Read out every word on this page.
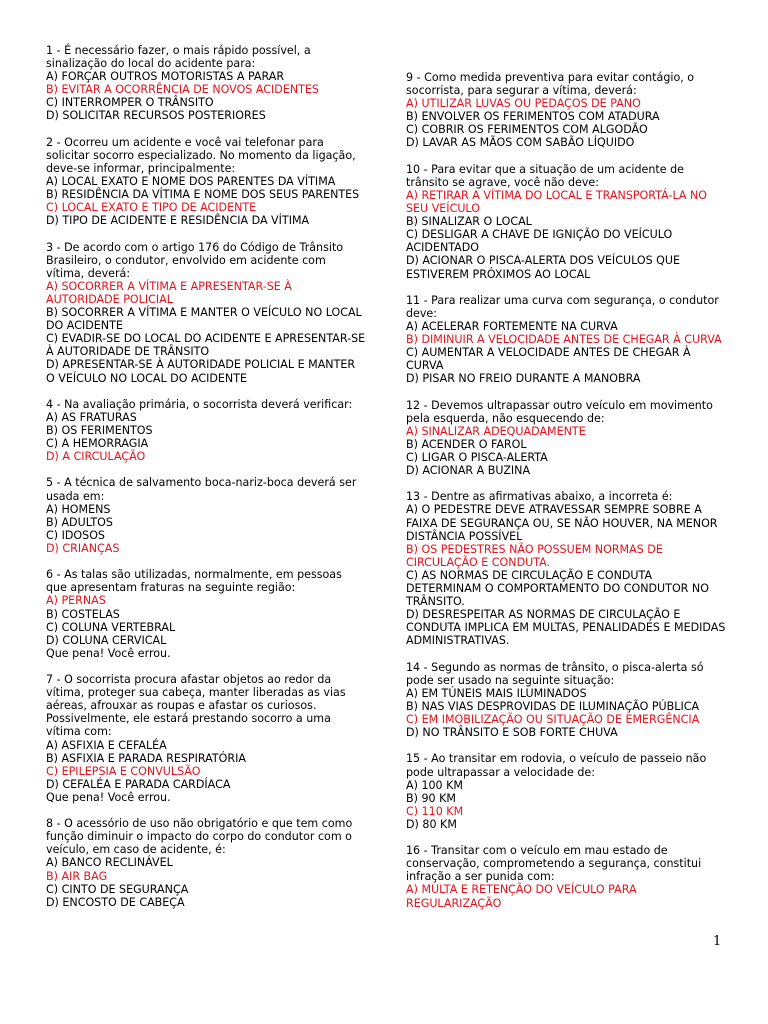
1 - É necessário fazer, o mais rápido possível, a sinalização do local do acidente para:
A) FORÇAR OUTROS MOTORISTAS A PARAR
B) EVITAR A OCORRÊNCIA DE NOVOS ACIDENTES
C) INTERROMPER O TRÂNSITO
D) SOLICITAR RECURSOS POSTERIORES
2 - Ocorreu um acidente e você vai telefonar para solicitar socorro especializado. No momento da ligação, deve-se informar, principalmente:
A) LOCAL EXATO E NOME DOS PARENTES DA VÍTIMA
B) RESIDÊNCIA DA VÍTIMA E NOME DOS SEUS PARENTES
C) LOCAL EXATO E TIPO DE ACIDENTE
D) TIPO DE ACIDENTE E RESIDÊNCIA DA VÍTIMA
3 - De acordo com o artigo 176 do Código de Trânsito Brasileiro, o condutor, envolvido em acidente com vítima, deverá:
A) SOCORRER A VÍTIMA E APRESENTAR-SE À AUTORIDADE POLICIAL
B) SOCORRER A VÍTIMA E MANTER O VEÍCULO NO LOCAL DO ACIDENTE
C) EVADIR-SE DO LOCAL DO ACIDENTE E APRESENTAR-SE À AUTORIDADE DE TRÂNSITO
D) APRESENTAR-SE À AUTORIDADE POLICIAL E MANTER O VEÍCULO NO LOCAL DO ACIDENTE
4 - Na avaliação primária, o socorrista deverá verificar:
A) AS FRATURAS
B) OS FERIMENTOS
C) A HEMORRAGIA
D) A CIRCULAÇÃO
5 - A técnica de salvamento boca-nariz-boca deverá ser usada em:
A) HOMENS
B) ADULTOS
C) IDOSOS
D) CRIANÇAS
6 - As talas são utilizadas, normalmente, em pessoas que apresentam fraturas na seguinte região:
A) PERNAS
B) COSTELAS
C) COLUNA VERTEBRAL
D) COLUNA CERVICAL
Que pena! Você errou.
7 - O socorrista procura afastar objetos ao redor da vítima, proteger sua cabeça, manter liberadas as vias aéreas, afrouxar as roupas e afastar os curiosos. Possivelmente, ele estará prestando socorro a uma vítima com:
A) ASFIXIA E CEFALÉA
B) ASFIXIA E PARADA RESPIRATÓRIA
C) EPILEPSIA E CONVULSÃO
D) CEFALÉA E PARADA CARDÍACA
Que pena! Você errou.
8 - O acessório de uso não obrigatório e que tem como função diminuir o impacto do corpo do condutor com o veículo, em caso de acidente, é:
A) BANCO RECLINÁVEL
B) AIR BAG
C) CINTO DE SEGURANÇA
D) ENCOSTO DE CABEÇA
9 - Como medida preventiva para evitar contágio, o socorrista, para segurar a vítima, deverá:
A) UTILIZAR LUVAS OU PEDAÇOS DE PANO
B) ENVOLVER OS FERIMENTOS COM ATADURA
C) COBRIR OS FERIMENTOS COM ALGODÃO
D) LAVAR AS MÃOS COM SABÃO LÍQUIDO
10 - Para evitar que a situação de um acidente de trânsito se agrave, você não deve:
A) RETIRAR A VÍTIMA DO LOCAL E TRANSPORTÁ-LA NO SEU VEÍCULO
B) SINALIZAR O LOCAL
C) DESLIGAR A CHAVE DE IGNIÇÃO DO VEÍCULO ACIDENTADO
D) ACIONAR O PISCA-ALERTA DOS VEÍCULOS QUE ESTIVEREM PRÓXIMOS AO LOCAL
11 - Para realizar uma curva com segurança, o condutor deve:
A) ACELERAR FORTEMENTE NA CURVA
B) DIMINUIR A VELOCIDADE ANTES DE CHEGAR À CURVA
C) AUMENTAR A VELOCIDADE ANTES DE CHEGAR À CURVA
D) PISAR NO FREIO DURANTE A MANOBRA
12 - Devemos ultrapassar outro veículo em movimento pela esquerda, não esquecendo de:
A) SINALIZAR ADEQUADAMENTE
B) ACENDER O FAROL
C) LIGAR O PISCA-ALERTA
D) ACIONAR A BUZINA
13 - Dentre as afirmativas abaixo, a incorreta é:
A) O PEDESTRE DEVE ATRAVESSAR SEMPRE SOBRE A FAIXA DE SEGURANÇA OU, SE NÃO HOUVER, NA MENOR DISTÂNCIA POSSÍVEL
B) OS PEDESTRES NÃO POSSUEM NORMAS DE CIRCULAÇÃO E CONDUTA.
C) AS NORMAS DE CIRCULAÇÃO E CONDUTA DETERMINAM O COMPORTAMENTO DO CONDUTOR NO TRÂNSITO.
D) DESRESPEITAR AS NORMAS DE CIRCULAÇÃO E CONDUTA IMPLICA EM MULTAS, PENALIDADES E MEDIDAS ADMINISTRATIVAS.
14 - Segundo as normas de trânsito, o pisca-alerta só pode ser usado na seguinte situação:
A) EM TÚNEIS MAIS ILUMINADOS
B) NAS VIAS DESPROVIDAS DE ILUMINAÇÃO PÚBLICA
C) EM IMOBILIZAÇÃO OU SITUAÇÃO DE EMERGÊNCIA
D) NO TRÂNSITO E SOB FORTE CHUVA
15 - Ao transitar em rodovia, o veículo de passeio não pode ultrapassar a velocidade de:
A) 100 KM
B) 90 KM
C) 110 KM
D) 80 KM
16 - Transitar com o veículo em mau estado de conservação, comprometendo a segurança, constitui infração a ser punida com:
A) MULTA E RETENÇÃO DO VEÍCULO PARA REGULARIZAÇÃO
1
